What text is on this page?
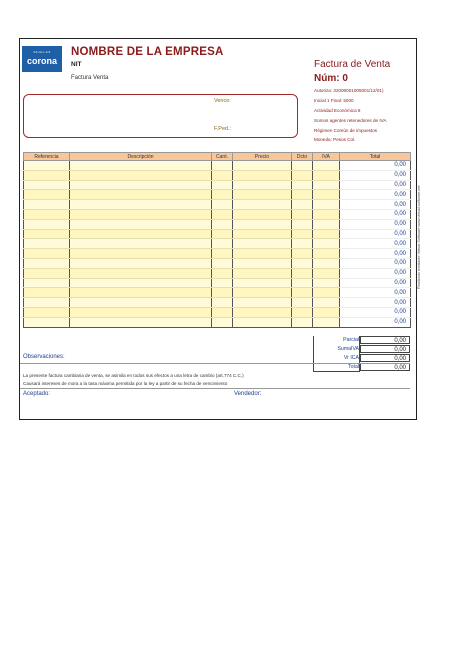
VAJILLAS
corona
NOMBRE DE LA EMPRESA
NIT
Factura Venta
Factura de Venta
Núm: 0
Autoriza: 32000001005001/12/01)
Inicial 1 Final: 5000
Actividad Económica 8
Somos agentes retenedores de IVA
Régimen Común de impuestos
Moneda: Pesos Col.
Vence:
F.Ped.:
Referencia	Descripción	Cant.	Precio	Dcto	IVA	Total
						0,00
						0,00
						0,00
						0,00
						0,00
						0,00
						0,00
						0,00
						0,00
						0,00
						0,00
						0,00
						0,00
						0,00
						0,00
						0,00
						0,00
Parcial	0,00
SumaIVA	0,00
Vr ICA	0,00
Total	0,00
Observaciones:
La presente factura cambiaria de venta, se asimila en todos sus efectos a una letra de cambio (art.774 C.C.)
Causará intereses de mora a la tasa máxima permitida por la ley a partir de su fecha de vencimiento
Aceptado:	Vendedor:
Realizado mediante Virtual Software www.virtual-software.net
